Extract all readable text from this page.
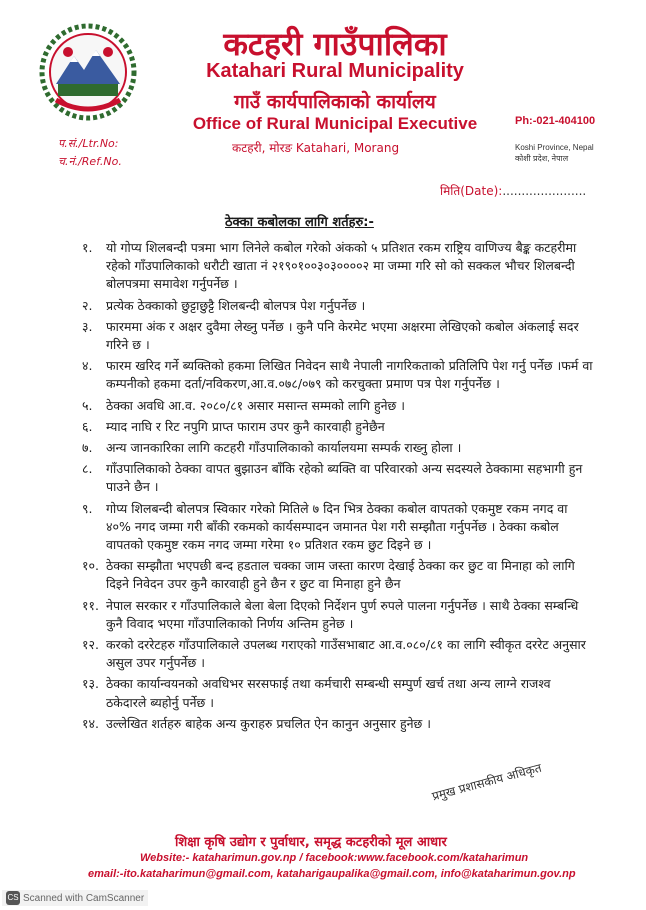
कटहरी गाउँपालिका
Katahari Rural Municipality
गाउँ कार्यपालिकाको कार्यालय
Office of Rural Municipal Executive
कटहरी, मोरङ Katahari, Morang
Ph:-021-404100
Koshi Province, Nepal
कोशी प्रदेश, नेपाल
प.सं./Ltr.No:
च.नं./Ref.No.
मिति(Date):......................
ठेक्का कबोलका लागि शर्तहरु:-
१. यो गोप्य शिलबन्दी पत्रमा भाग लिनेले कबोल गरेको अंकको ५ प्रतिशत रकम राष्ट्रिय वाणिज्य बैङ्क कटहरीमा रहेको गाँउपालिकाको धरौटी खाता नं २१९०१००३०३००००२ मा जम्मा गरि सो को सक्कल भौचर शिलबन्दी बोलपत्रमा समावेश गर्नुपर्नेछ ।
२. प्रत्येक ठेक्काको छुट्टाछुट्टै शिलबन्दी बोलपत्र पेश गर्नुपर्नेछ ।
३. फारममा अंक र अक्षर दुवैमा लेख्नु पर्नेछ । कुनै पनि केरमेट भएमा अक्षरमा लेखिएको कबोल अंकलाई सदर गरिने छ ।
४. फारम खरिद गर्ने ब्यक्तिको हकमा लिखित निवेदन साथै नेपाली नागरिकताको प्रतिलिपि पेश गर्नु पर्नेछ ।फर्म वा कम्पनीको हकमा दर्ता/नविकरण,आ.व.०७८/०७९ को करचुक्ता प्रमाण पत्र पेश गर्नुपर्नेछ ।
५. ठेक्का अवधि आ.व. २०८०/८१ असार मसान्त सम्मको लागि हुनेछ ।
६. म्याद नाघि र रिट नपुगि प्राप्त फाराम उपर कुनै कारवाही हुनेछैन
७. अन्य जानकारिका लागि कटहरी गाँउपालिकाको कार्यालयमा सम्पर्क राख्नु होला ।
८. गाँउपालिकाको ठेक्का वापत बुझाउन बाँकि रहेको ब्यक्ति वा परिवारको अन्य सदस्यले ठेक्कामा सहभागी हुन पाउने छैन ।
९. गोप्य शिलबन्दी बोलपत्र स्विकार गरेको मितिले ७ दिन भित्र ठेक्का कबोल वापतको एकमुष्ट रकम नगद वा ४०% नगद जम्मा गरी बाँकी रकमको कार्यसम्पादन जमानत पेश गरी सम्झौता गर्नुपर्नेछ । ठेक्का कबोल वापतको एकमुष्ट रकम नगद जम्मा गरेमा १० प्रतिशत रकम छुट दिइने छ ।
१०. ठेक्का सम्झौता भएपछी बन्द हडताल चक्का जाम जस्ता कारण देखाई ठेक्का कर छुट वा मिनाहा को लागि दिइने निवेदन उपर कुनै कारवाही हुने छैन र छुट वा मिनाहा हुने छैन
११. नेपाल सरकार र गाँउपालिकाले बेला बेला दिएको निर्देशन पुर्ण रुपले पालना गर्नुपर्नेछ । साथै ठेक्का सम्बन्धि कुनै विवाद भएमा गाँउपालिकाको निर्णय अन्तिम हुनेछ ।
१२. करको दररेटहरु गाँउपालिकाले उपलब्ध गराएको गाउँसभाबाट आ.व.०८०/८१ का लागि स्वीकृत दररेट अनुसार असुल उपर गर्नुपर्नेछ ।
१३. ठेक्का कार्यान्वयनको अवधिभर सरसफाई तथा कर्मचारी सम्बन्धी सम्पुर्ण खर्च तथा अन्य लाग्ने राजश्व ठकेदारले ब्यहोर्नु पर्नेछ ।
१४. उल्लेखित शर्तहरु बाहेक अन्य कुराहरु प्रचलित ऐन कानुन अनुसार हुनेछ ।
प्रमुख प्रशासकीय अधिकृत
शिक्षा कृषि उद्योग र पुर्वाधार, समृद्ध कटहरीको मूल आधार
Website:- kataharimun.gov.np / facebook:www.facebook.com/kataharimun
email:-ito.kataharimun@gmail.com, kataharigaupalika@gmail.com, info@kataharimun.gov.np
CS Scanned with CamScanner
